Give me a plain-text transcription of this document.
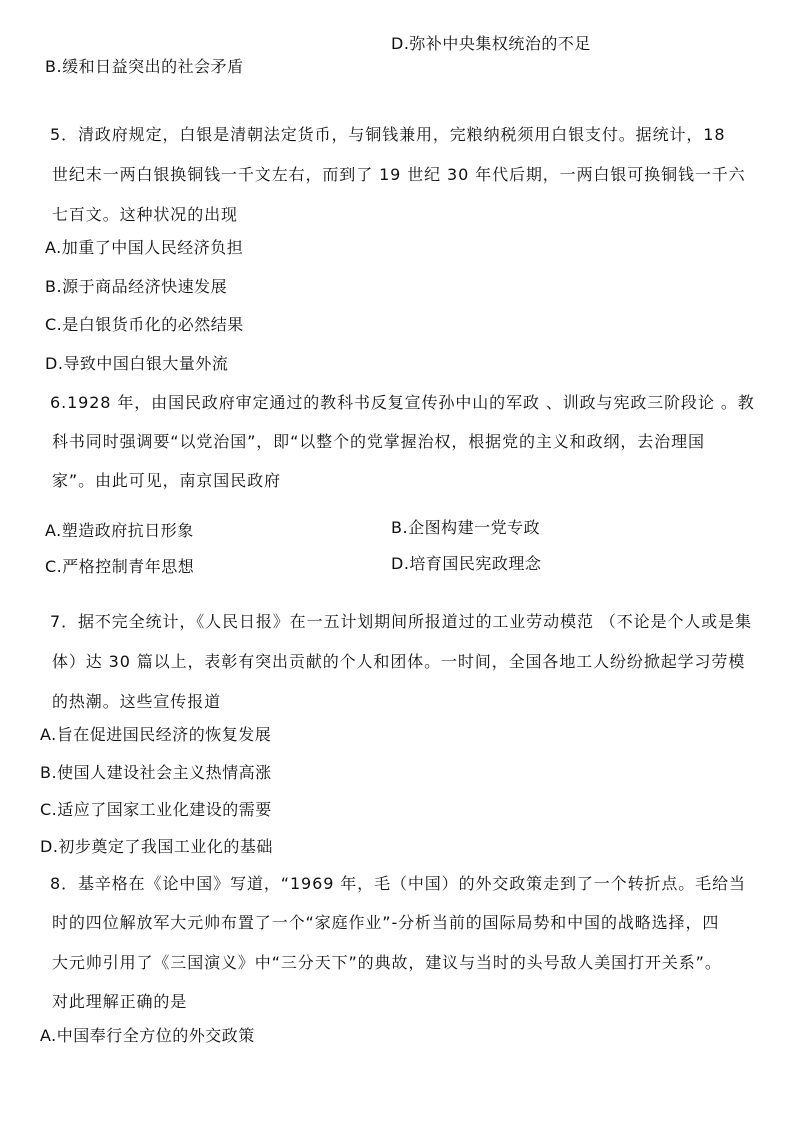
D.弥补中央集权统治的不足
B.缓和日益突出的社会矛盾
5．清政府规定，白银是清朝法定货币，与铜钱兼用，完粮纳税须用白银支付。据统计，18
世纪末一两白银换铜钱一千文左右，而到了 19 世纪 30 年代后期，一两白银可换铜钱一千六
七百文。这种状况的出现
A.加重了中国人民经济负担
B.源于商品经济快速发展
C.是白银货币化的必然结果
D.导致中国白银大量外流
6.1928 年，由国民政府审定通过的教科书反复宣传孙中山的军政 、训政与宪政三阶段论 。教
科书同时强调要“以党治国”，即“以整个的党掌握治权，根据党的主义和政纲，去治理国
家”。由此可见，南京国民政府
A.塑造政府抗日形象	B.企图构建一党专政
C.严格控制青年思想	D.培育国民宪政理念
7．据不完全统计，《人民日报》在一五计划期间所报道过的工业劳动模范 （不论是个人或是集
体）达 30 篇以上，表彰有突出贡献的个人和团体。一时间，全国各地工人纷纷掀起学习劳模
的热潮。这些宣传报道
A.旨在促进国民经济的恢复发展
B.使国人建设社会主义热情高涨
C.适应了国家工业化建设的需要
D.初步奠定了我国工业化的基础
8．基辛格在《论中国》写道，“1969 年，毛（中国）的外交政策走到了一个转折点。毛给当
时的四位解放军大元帅布置了一个“家庭作业”-分析当前的国际局势和中国的战略选择，四
大元帅引用了《三国演义》中“三分天下”的典故，建议与当时的头号敌人美国打开关系”。
对此理解正确的是
A.中国奉行全方位的外交政策
